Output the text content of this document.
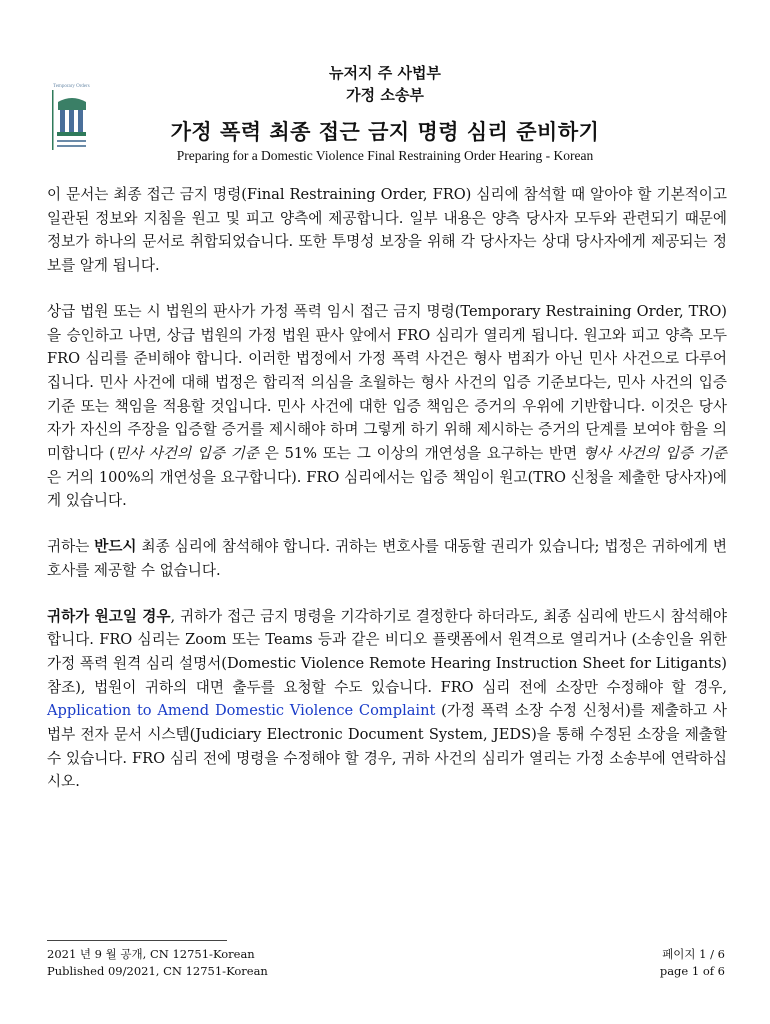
Temporary Orders
뉴저지 주 사법부
가정 소송부
가정 폭력 최종 접근 금지 명령 심리 준비하기
Preparing for a Domestic Violence Final Restraining Order Hearing - Korean

이 문서는 최종 접근 금지 명령(Final Restraining Order, FRO) 심리에 참석할 때 알아야 할 기본적이고 일관된 정보와 지침을 원고 및 피고 양측에 제공합니다. 일부 내용은 양측 당사자 모두와 관련되기 때문에 정보가 하나의 문서로 취합되었습니다. 또한 투명성 보장을 위해 각 당사자는 상대 당사자에게 제공되는 정보를 알게 됩니다.

상급 법원 또는 시 법원의 판사가 가정 폭력 임시 접근 금지 명령(Temporary Restraining Order, TRO)을 승인하고 나면, 상급 법원의 가정 법원 판사 앞에서 FRO 심리가 열리게 됩니다. 원고와 피고 양측 모두 FRO 심리를 준비해야 합니다. 이러한 법정에서 가정 폭력 사건은 형사 범죄가 아닌 민사 사건으로 다루어집니다. 민사 사건에 대해 법정은 합리적 의심을 초월하는 형사 사건의 입증 기준보다는, 민사 사건의 입증 기준 또는 책임을 적용할 것입니다. 민사 사건에 대한 입증 책임은 증거의 우위에 기반합니다. 이것은 당사자가 자신의 주장을 입증할 증거를 제시해야 하며 그렇게 하기 위해 제시하는 증거의 단계를 보여야 함을 의미합니다 (민사 사건의 입증 기준 은 51% 또는 그 이상의 개연성을 요구하는 반면 형사 사건의 입증 기준 은 거의 100%의 개연성을 요구합니다). FRO 심리에서는 입증 책임이 원고(TRO 신청을 제출한 당사자)에게 있습니다.

귀하는 반드시 최종 심리에 참석해야 합니다. 귀하는 변호사를 대동할 권리가 있습니다; 법정은 귀하에게 변호사를 제공할 수 없습니다.

귀하가 원고일 경우, 귀하가 접근 금지 명령을 기각하기로 결정한다 하더라도, 최종 심리에 반드시 참석해야 합니다. FRO 심리는 Zoom 또는 Teams 등과 같은 비디오 플랫폼에서 원격으로 열리거나 (소송인을 위한 가정 폭력 원격 심리 설명서(Domestic Violence Remote Hearing Instruction Sheet for Litigants) 참조), 법원이 귀하의 대면 출두를 요청할 수도 있습니다. FRO 심리 전에 소장만 수정해야 할 경우, Application to Amend Domestic Violence Complaint (가정 폭력 소장 수정 신청서)를 제출하고 사법부 전자 문서 시스템(Judiciary Electronic Document System, JEDS)을 통해 수정된 소장을 제출할 수 있습니다. FRO 심리 전에 명령을 수정해야 할 경우, 귀하 사건의 심리가 열리는 가정 소송부에 연락하십시오.

2021 년 9 월 공개, CN 12751-Korean
Published 09/2021, CN 12751-Korean
페이지 1 / 6
page 1 of 6
